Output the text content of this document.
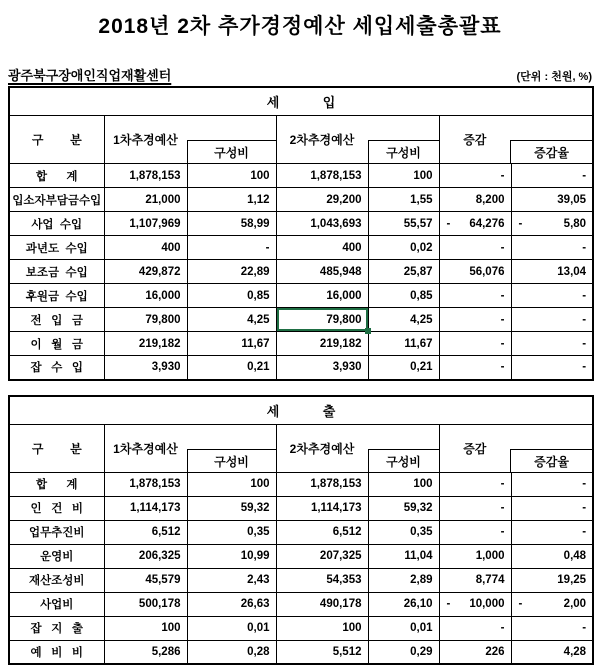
2018년 2차 추가경정예산 세입세출총괄표
광주북구장애인직업재활센터	(단위 : 천원, %)
세            입						
구        분	1차추경예산
구성비		2차추경예산
구성비		증감
증감율	

합      계	1,878,153	100	1,878,153	100	-	-
입소자부담금수입	21,000	1,12	29,200	1,55	8,200	39,05
사업  수입	1,107,969	58,99	1,043,693	55,57	- 64,276	- 5,80
과년도  수입	400	-	400	0,02	-	-
보조금  수입	429,872	22,89	485,948	25,87	56,076	13,04
후원금  수입	16,000	0,85	16,000	0,85	-	-
전   입   금	79,800	4,25	79,800	4,25	-	-
이   월   금	219,182	11,67	219,182	11,67	-	-
잡   수   입	3,930	0,21	3,930	0,21	-	-
세            출						
구        분	1차추경예산
구성비		2차추경예산
구성비		증감
증감율	

합      계	1,878,153	100	1,878,153	100	-	-
인   건   비	1,114,173	59,32	1,114,173	59,32	-	-
업무추진비	6,512	0,35	6,512	0,35	-	-
운영비	206,325	10,99	207,325	11,04	1,000	0,48
재산조성비	45,579	2,43	54,353	2,89	8,774	19,25
사업비	500,178	26,63	490,178	26,10	- 10,000	- 2,00
잡   지   출	100	0,01	100	0,01	-	-
예   비   비	5,286	0,28	5,512	0,29	226	4,28
